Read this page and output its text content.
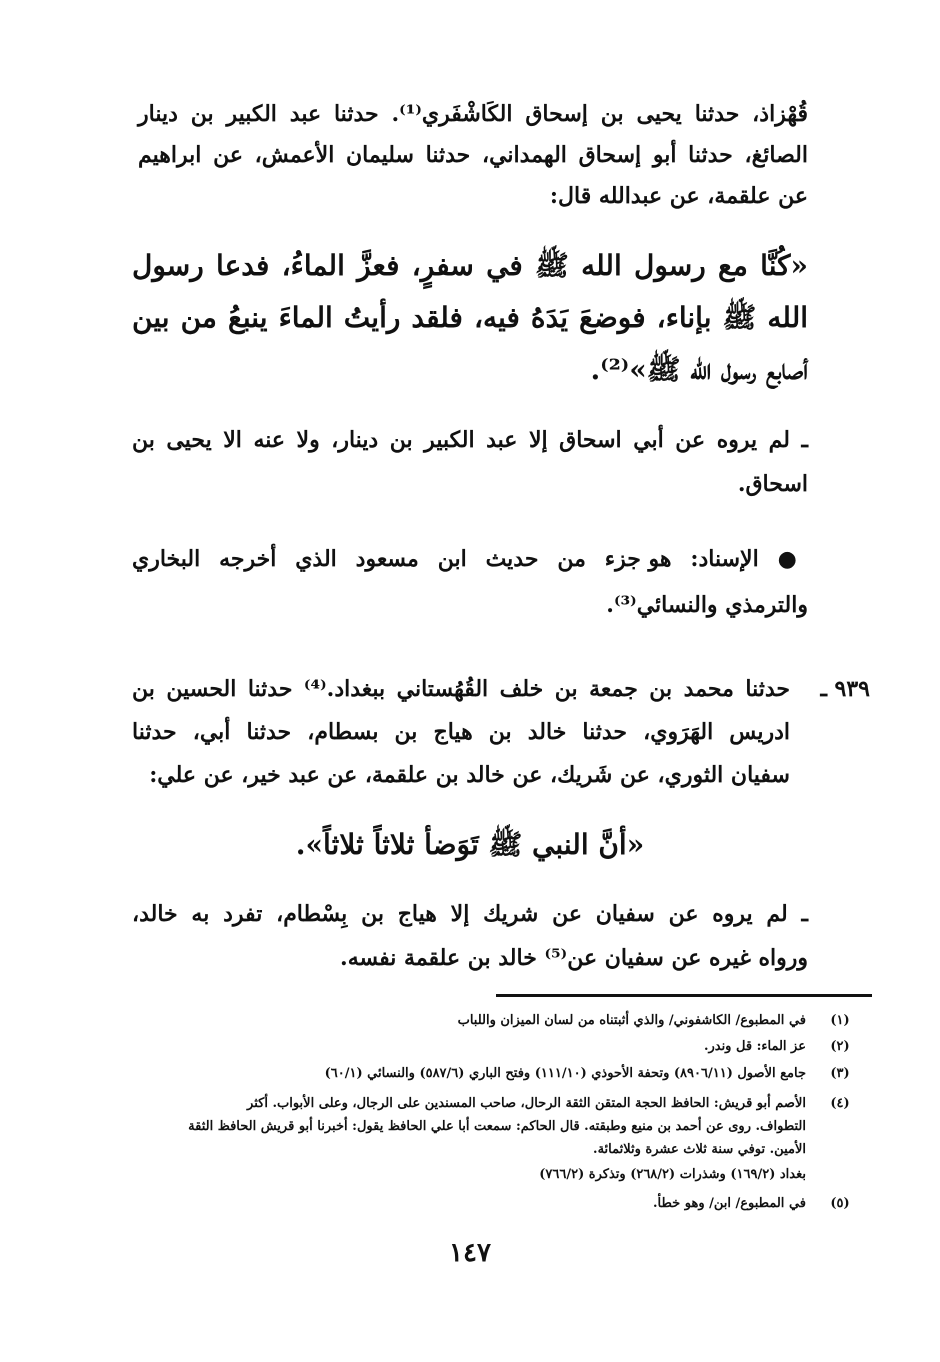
قُهْزاذ، حدثنا يحيى بن إسحاق الكَاشْفَري⁽¹⁾. حدثنا عبد الكبير بن دينار
الصائغ، حدثنا أبو إسحاق الهمداني، حدثنا سليمان الأعمش، عن ابراهيم
عن علقمة، عن عبدالله قال:
«كُنَّا مع رسول الله ﷺ في سفرٍ، فعزَّ الماءُ، فدعا رسول
الله ﷺ بإناء، فوضعَ يَدَهُ فيه، فلقد رأيتُ الماءَ ينبعُ من بين
أصابع رسول الله ﷺ»⁽²⁾.
ـ لم يروه عن أبي اسحاق إلا عبد الكبير بن دينار، ولا عنه الا يحيى بن
اسحاق.
● الإسناد: هو جزء من حديث ابن مسعود الذي أخرجه البخاري
والترمذي والنسائي⁽³⁾.
٩٣٩ ـ
حدثنا محمد بن جمعة بن خلف القُهُستاني ببغداد.⁽⁴⁾ حدثنا الحسين بن
ادريس الهَرَوي، حدثنا خالد بن هياج بن بسطام، حدثنا أبي، حدثنا
سفيان الثوري، عن شَريك، عن خالد بن علقمة، عن عبد خير، عن علي:
«أنَّ النبي ﷺ تَوَضأ ثلاثاً ثلاثاً».
ـ لم يروه عن سفيان عن شريك إلا هياج بن بِسْطام، تفرد به خالد،
ورواه غيره عن سفيان عن⁽⁵⁾ خالد بن علقمة نفسه.
(١)
في المطبوع/ الكاشفوني/ والذي أثبتناه من لسان الميزان واللباب
(٢)
عز الماء: قل وندر.
(٣)
جامع الأصول (٨٩٠٦/١١) وتحفة الأحوذي (١١١/١٠) وفتح الباري (٥٨٧/٦) والنسائي (٦٠/١)
(٤)
الأصم أبو قريش: الحافظ الحجة المتقن الثقة الرحال، صاحب المسندين على الرجال، وعلى الأبواب. أكثر
التطواف. روى عن أحمد بن منيع وطبقته. قال الحاكم: سمعت أبا علي الحافظ يقول: أخبرنا أبو قريش الحافظ الثقة
الأمين. توفي سنة ثلاث عشرة وثلاثمائة.
بغداد (١٦٩/٢) وشذرات (٢٦٨/٢) وتذكرة (٧٦٦/٢)
(٥)
في المطبوع/ ابن/ وهو خطأ.
١٤٧
